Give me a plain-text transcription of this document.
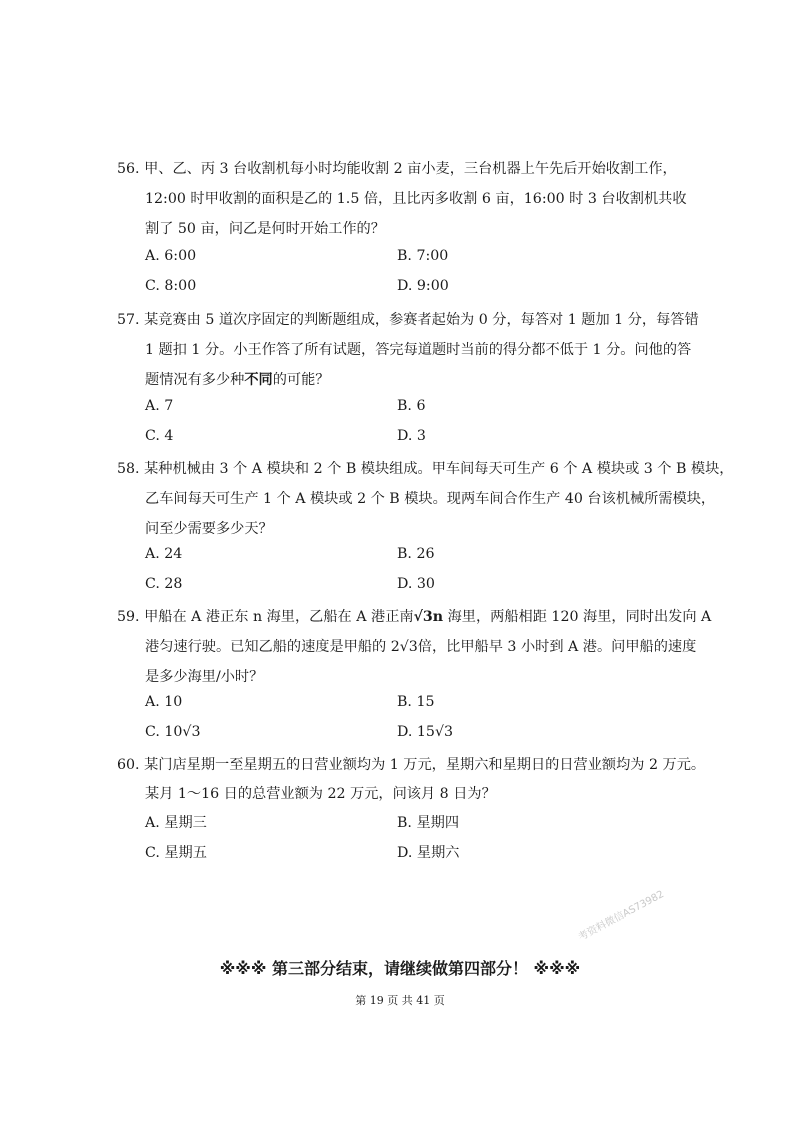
56. 甲、乙、丙 3 台收割机每小时均能收割 2 亩小麦，三台机器上午先后开始收割工作，
12:00 时甲收割的面积是乙的 1.5 倍，且比丙多收割 6 亩，16:00 时 3 台收割机共收
割了 50 亩，问乙是何时开始工作的？
A. 6:00	B. 7:00
C. 8:00	D. 9:00
57. 某竞赛由 5 道次序固定的判断题组成，参赛者起始为 0 分，每答对 1 题加 1 分，每答错
1 题扣 1 分。小王作答了所有试题，答完每道题时当前的得分都不低于 1 分。问他的答
题情况有多少种不同的可能？
A. 7	B. 6
C. 4	D. 3
58. 某种机械由 3 个 A 模块和 2 个 B 模块组成。甲车间每天可生产 6 个 A 模块或 3 个 B 模块，
乙车间每天可生产 1 个 A 模块或 2 个 B 模块。现两车间合作生产 40 台该机械所需模块，
问至少需要多少天？
A. 24	B. 26
C. 28	D. 30
59. 甲船在 A 港正东 n 海里，乙船在 A 港正南√3n 海里，两船相距 120 海里，同时出发向 A
港匀速行驶。已知乙船的速度是甲船的 2√3倍，比甲船早 3 小时到 A 港。问甲船的速度
是多少海里/小时？
A. 10	B. 15
C. 10√3	D. 15√3
60. 某门店星期一至星期五的日营业额均为 1 万元，星期六和星期日的日营业额均为 2 万元。
某月 1～16 日的总营业额为 22 万元，问该月 8 日为？
A. 星期三	B. 星期四
C. 星期五	D. 星期六
考资料微信AS73982
※※※ 第三部分结束，请继续做第四部分！ ※※※
第 19 页 共 41 页
